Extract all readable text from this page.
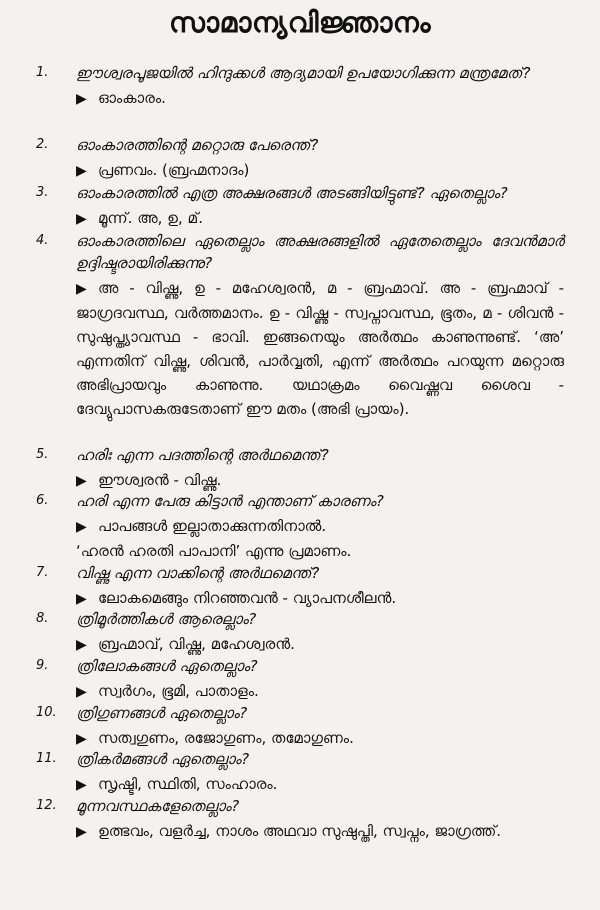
സാമാന്യവിജ്ഞാനം
1.	ഈശ്വരപൂജയിൽ ഹിന്ദുക്കൾ ആദ്യമായി ഉപയോഗിക്കുന്ന മന്ത്രമേത്?
▶ ഓംകാരം.
2.	ഓംകാരത്തിന്റെ മറ്റൊരു പേരെന്ത്?
▶ പ്രണവം. (ബ്രഹ്മനാദം)
3.	ഓംകാരത്തിൽ എത്ര അക്ഷരങ്ങൾ അടങ്ങിയിട്ടുണ്ട്? ഏതെല്ലാം?
▶ മൂന്ന്. അ, ഉ, മ്.
4.	ഓംകാരത്തിലെ ഏതെല്ലാം അക്ഷരങ്ങളിൽ ഏതേതെല്ലാം ദേവൻമാർ ഉദ്ദിഷ്ടരായിരിക്കുന്നു?
▶ അ - വിഷ്ണു, ഉ - മഹേശ്വരൻ, മ - ബ്രഹ്മാവ്. അ - ബ്രഹ്മാവ് - ജാഗ്രദവസ്ഥ, വർത്തമാനം. ഉ - വിഷ്ണു - സ്വപ്നാവസ്ഥ, ഭൂതം, മ - ശിവൻ - സുഷുപ്ത്യാവസ്ഥ - ഭാവി. ഇങ്ങനെയും അർത്ഥം കാണുന്നുണ്ട്. ‘അ’ എന്നതിന് വിഷ്ണു, ശിവൻ, പാർവ്വതി, എന്ന് അർത്ഥം പറയുന്ന മറ്റൊരു അഭിപ്രായവും കാണുന്നു. യഥാക്രമം വൈഷ്ണവ ശൈവ - ദേവ്യുപാസകരുടേതാണ് ഈ മതം (അഭി പ്രായം).
5.	ഹരിഃ എന്ന പദത്തിന്റെ അർഥമെന്ത്?
▶ ഈശ്വരൻ - വിഷ്ണു.
6.	ഹരി എന്ന പേരു കിട്ടാൻ എന്താണ് കാരണം?
▶ പാപങ്ങൾ ഇല്ലാതാക്കുന്നതിനാൽ.
‘ഹരൻ ഹരതി പാപാനി’ എന്നു പ്രമാണം.
7.	വിഷ്ണു എന്ന വാക്കിന്റെ അർഥമെന്ത്?
▶ ലോകമെങ്ങും നിറഞ്ഞവൻ - വ്യാപനശീലൻ.
8.	ത്രിമൂർത്തികൾ ആരെല്ലാം?
▶ ബ്രഹ്മാവ്, വിഷ്ണു, മഹേശ്വരൻ.
9.	ത്രിലോകങ്ങൾ ഏതെല്ലാം?
▶ സ്വർഗം, ഭൂമി, പാതാളം.
10.	ത്രിഗുണങ്ങൾ ഏതെല്ലാം?
▶ സത്വഗുണം, രജോഗുണം, തമോഗുണം.
11.	ത്രികർമങ്ങൾ ഏതെല്ലാം?
▶ സൃഷ്ടി, സ്ഥിതി, സംഹാരം.
12.	മൂന്നവസ്ഥകളേതെല്ലാം?
▶ ഉത്ഭവം, വളർച്ച, നാശം അഥവാ സുഷുപ്തി, സ്വപ്നം, ജാഗ്രത്ത്.
